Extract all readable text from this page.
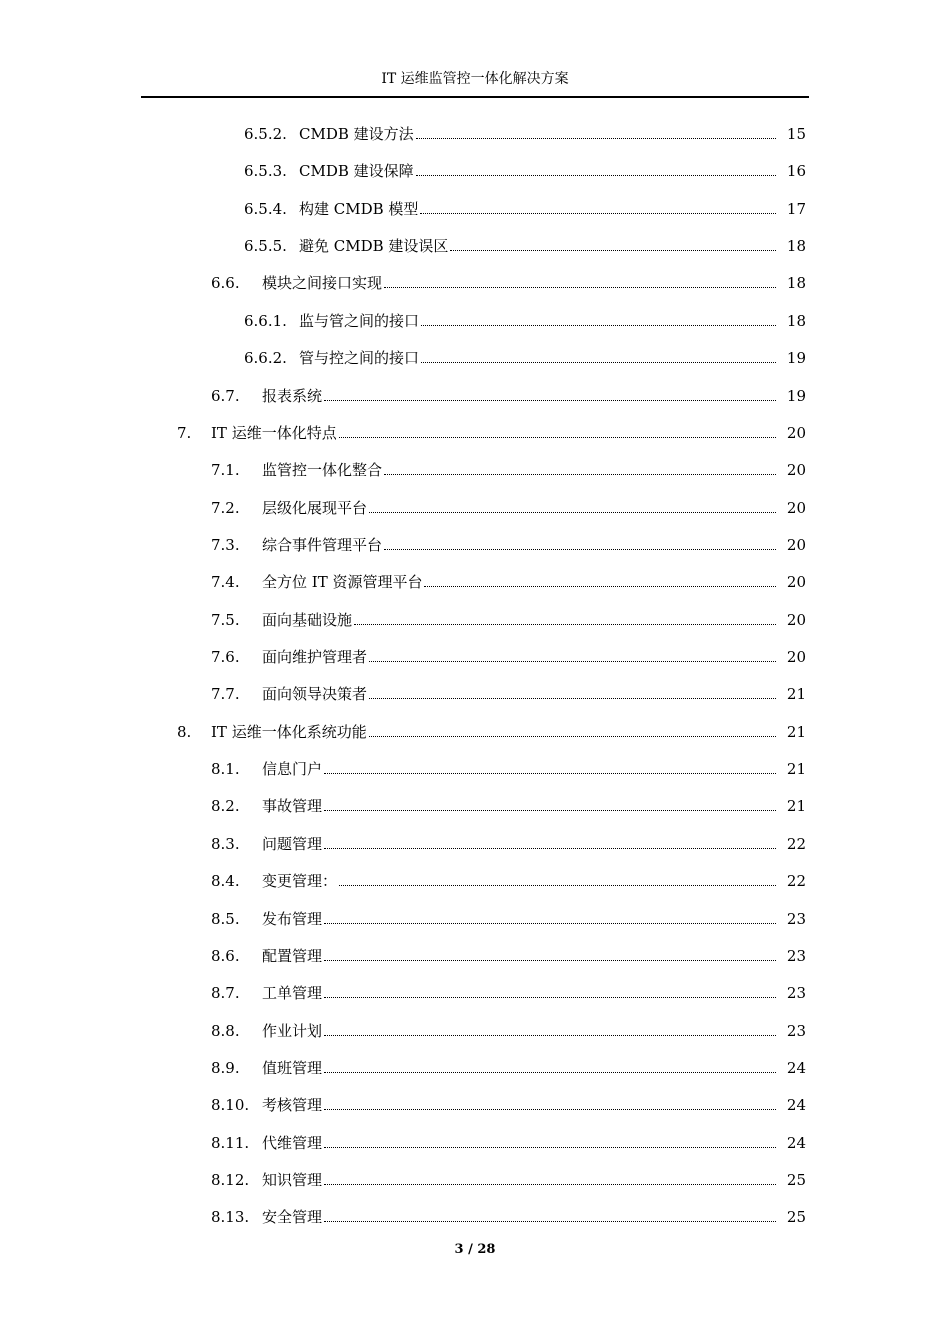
IT 运维监管控一体化解决方案
6.5.2. CMDB 建设方法	15
6.5.3. CMDB 建设保障	16
6.5.4. 构建 CMDB 模型	17
6.5.5. 避免 CMDB 建设误区	18
6.6.	模块之间接口实现	18
6.6.1. 监与管之间的接口	18
6.6.2. 管与控之间的接口	19
6.7.	报表系统	19
7.	IT 运维一体化特点	20
7.1.	监管控一体化整合	20
7.2.	层级化展现平台	20
7.3.	综合事件管理平台	20
7.4.	全方位 IT 资源管理平台	20
7.5.	面向基础设施	20
7.6.	面向维护管理者	20
7.7.	面向领导决策者	21
8.	IT 运维一体化系统功能	21
8.1.	信息门户	21
8.2.	事故管理	21
8.3.	问题管理	22
8.4.	变更管理：	22
8.5.	发布管理	23
8.6.	配置管理	23
8.7.	工单管理	23
8.8.	作业计划	23
8.9.	值班管理	24
8.10. 考核管理	24
8.11. 代维管理	24
8.12. 知识管理	25
8.13. 安全管理	25
3 / 28
